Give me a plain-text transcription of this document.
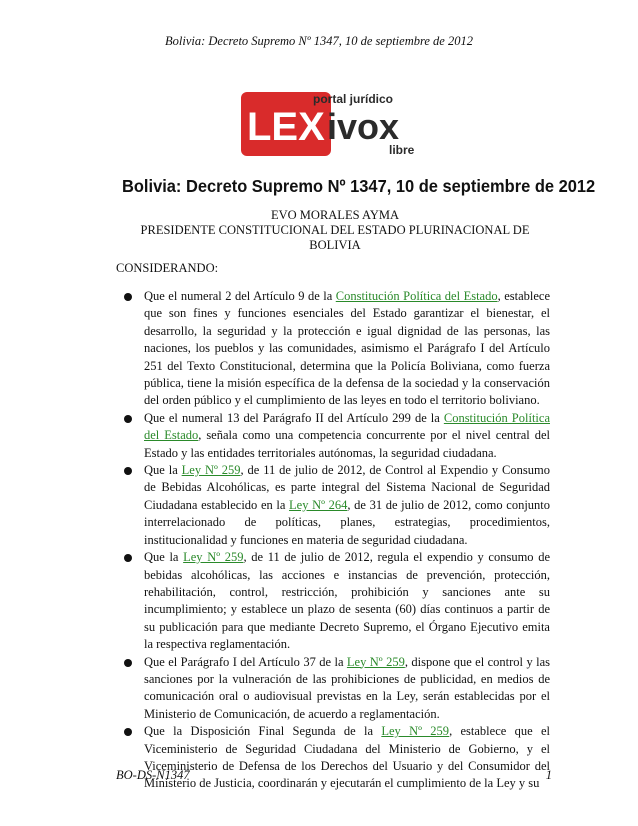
Bolivia: Decreto Supremo Nº 1347, 10 de septiembre de 2012
LEX
portal jurídico
ivox
libre
Bolivia: Decreto Supremo Nº 1347, 10 de septiembre de 2012
EVO MORALES AYMA
PRESIDENTE CONSTITUCIONAL DEL ESTADO PLURINACIONAL DE
BOLIVIA
CONSIDERANDO:
Que el numeral 2 del Artículo 9 de la Constitución Política del Estado, establece que son fines y funciones esenciales del Estado garantizar el bienestar, el desarrollo, la seguridad y la protección e igual dignidad de las personas, las naciones, los pueblos y las comunidades, asimismo el Parágrafo I del Artículo 251 del Texto Constitucional, determina que la Policía Boliviana, como fuerza pública, tiene la misión específica de la defensa de la sociedad y la conservación del orden público y el cumplimiento de las leyes en todo el territorio boliviano.
Que el numeral 13 del Parágrafo II del Artículo 299 de la Constitución Política del Estado, señala como una competencia concurrente por el nivel central del Estado y las entidades territoriales autónomas, la seguridad ciudadana.
Que la Ley Nº 259, de 11 de julio de 2012, de Control al Expendio y Consumo de Bebidas Alcohólicas, es parte integral del Sistema Nacional de Seguridad Ciudadana establecido en la Ley Nº 264, de 31 de julio de 2012, como conjunto interrelacionado de políticas, planes, estrategias, procedimientos, institucionalidad y funciones en materia de seguridad ciudadana.
Que la Ley Nº 259, de 11 de julio de 2012, regula el expendio y consumo de bebidas alcohólicas, las acciones e instancias de prevención, protección, rehabilitación, control, restricción, prohibición y sanciones ante su incumplimiento; y establece un plazo de sesenta (60) días continuos a partir de su publicación para que mediante Decreto Supremo, el Órgano Ejecutivo emita la respectiva reglamentación.
Que el Parágrafo I del Artículo 37 de la Ley Nº 259, dispone que el control y las sanciones por la vulneración de las prohibiciones de publicidad, en medios de comunicación oral o audiovisual previstas en la Ley, serán establecidas por el Ministerio de Comunicación, de acuerdo a reglamentación.
Que la Disposición Final Segunda de la Ley Nº 259, establece que el Viceministerio de Seguridad Ciudadana del Ministerio de Gobierno, y el Viceministerio de Defensa de los Derechos del Usuario y del Consumidor del Ministerio de Justicia, coordinarán y ejecutarán el cumplimiento de la Ley y su
BO-DS-N1347	1
